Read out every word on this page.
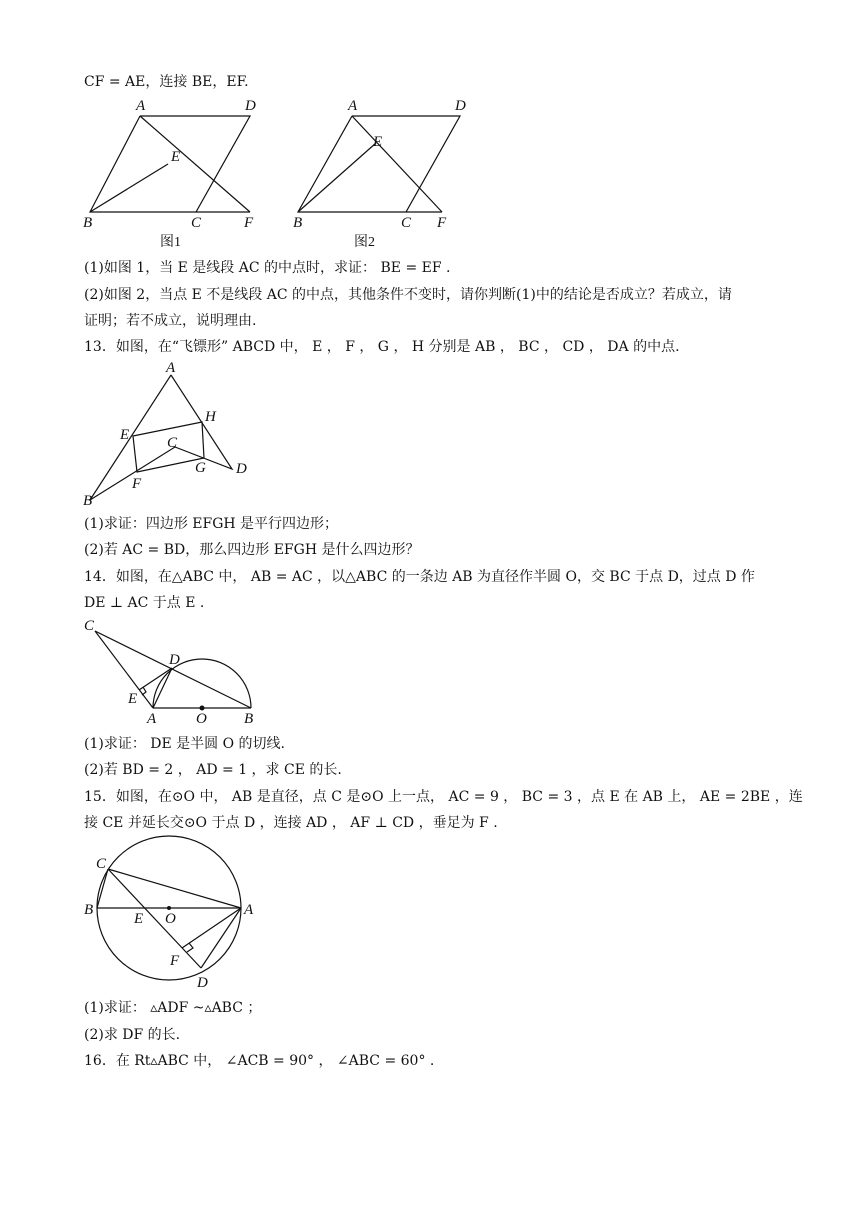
CF = AE，连接 BE，EF.
(1)如图 1，当 E 是线段 AC 的中点时，求证： BE = EF .
(2)如图 2，当点 E 不是线段 AC 的中点，其他条件不变时，请你判断(1)中的结论是否成立？若成立，请
证明；若不成立，说明理由.
13．如图，在“飞镖形” ABCD 中， E ， F ， G ， H 分别是 AB ， BC ， CD ， DA 的中点.
(1)求证：四边形 EFGH 是平行四边形；
(2)若 AC = BD，那么四边形 EFGH 是什么四边形？
14．如图，在△ABC 中， AB = AC ，以△ABC 的一条边 AB 为直径作半圆 O，交 BC 于点 D，过点 D 作
DE ⊥ AC 于点 E .
(1)求证： DE 是半圆 O 的切线.
(2)若 BD = 2 ， AD = 1 ，求 CE 的长.
15．如图，在⊙O 中， AB 是直径，点 C 是⊙O 上一点， AC = 9 ， BC = 3 ，点 E 在 AB 上， AE = 2BE ，连
接 CE 并延长交⊙O 于点 D ，连接 AD ， AF ⊥ CD ，垂足为 F .
(1)求证： ▵ADF ~▵ABC ；
(2)求 DF 的长.
16．在 Rt▵ABC 中， ∠ACB = 90° ， ∠ABC = 60° .
A	D
E
B	C	F
图1
A	D
E
B	C F
图2
A
H
E	C
G D
F
B
C
D
E
A	O B
C
B
E O
A
F
D
